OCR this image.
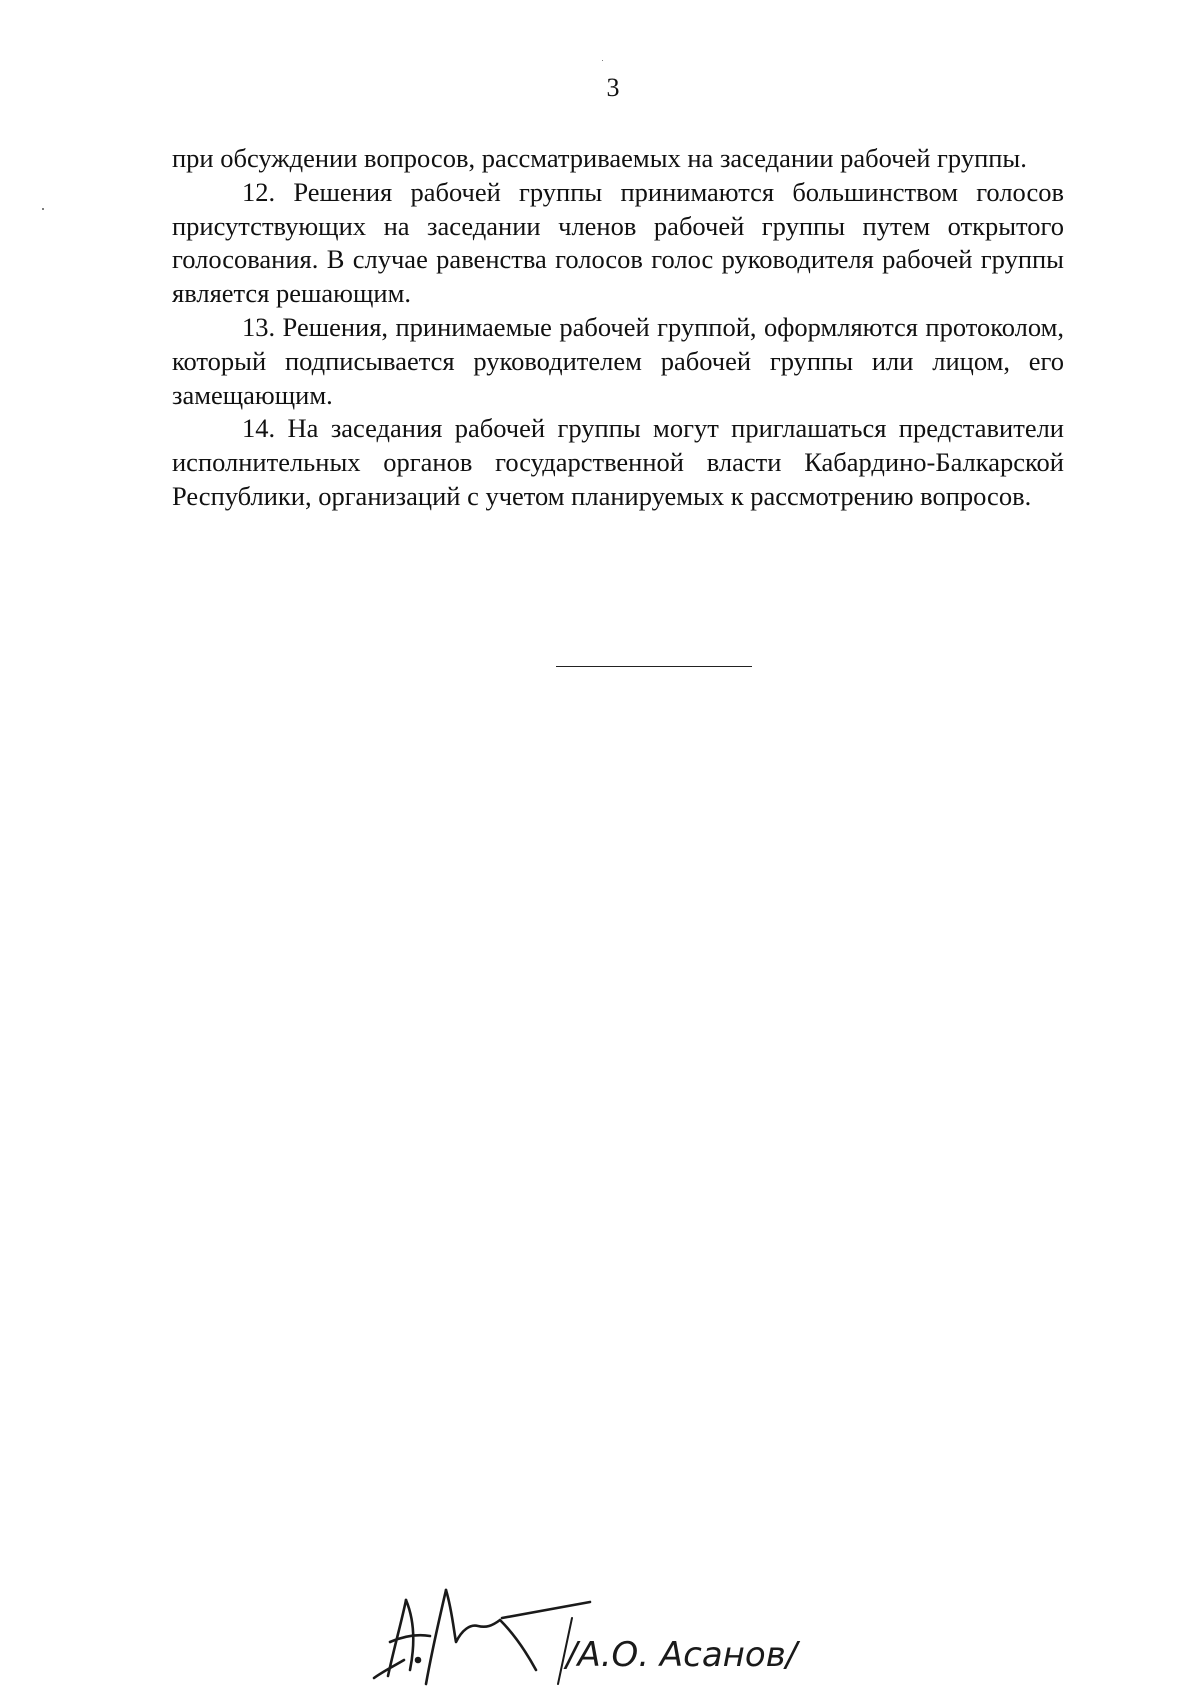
3

при обсуждении вопросов, рассматриваемых на заседании рабочей группы.

12. Решения рабочей группы принимаются большинством голосов присутствующих на заседании членов рабочей группы путем открытого голосования. В случае равенства голосов голос руководителя рабочей группы является решающим.

13. Решения, принимаемые рабочей группой, оформляются протоколом, который подписывается руководителем рабочей группы или лицом, его замещающим.

14. На заседания рабочей группы могут приглашаться представители исполнительных органов государственной власти Кабардино-Балкарской Республики, организаций с учетом планируемых к рассмотрению вопросов.

/А.О. Асанов/
